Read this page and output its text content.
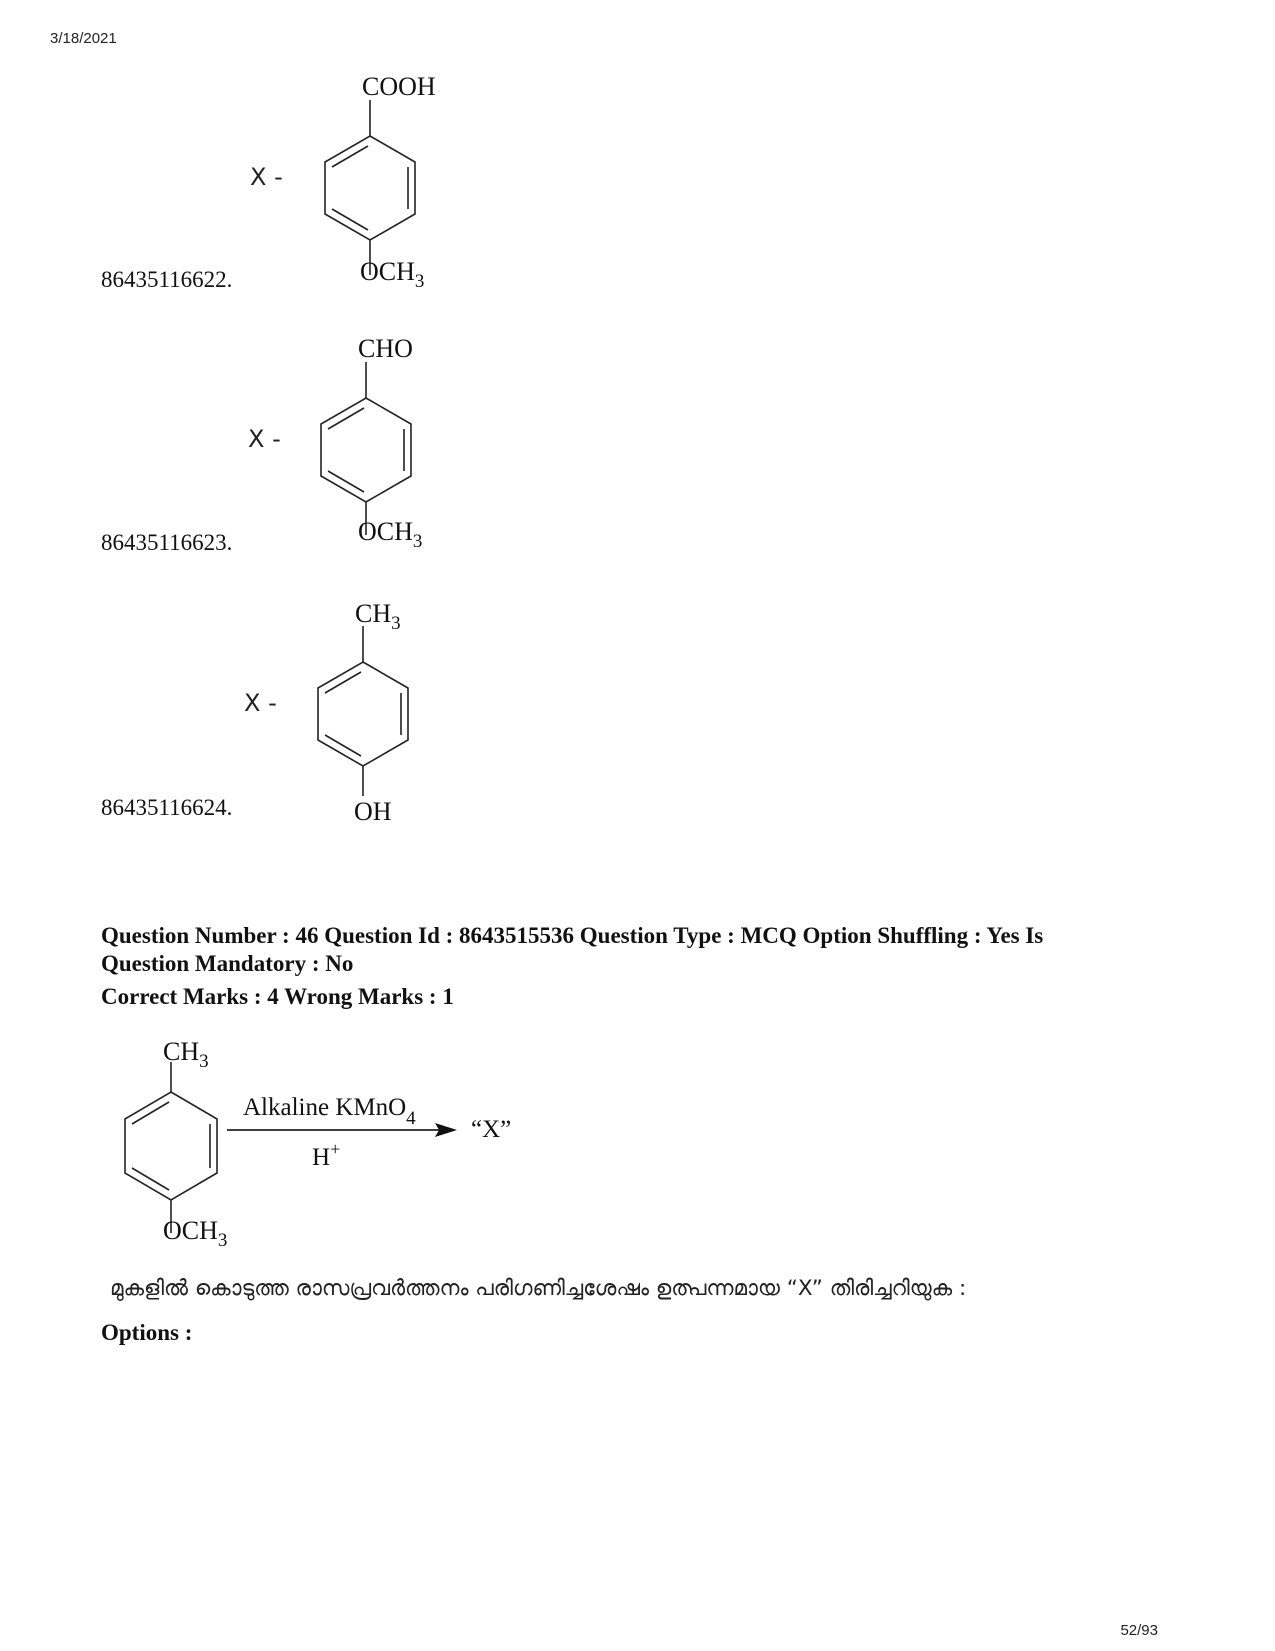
3/18/2021
COOH
$OCH_3$
X -
86435116622.
CHO
$OCH_3$
X -
86435116623.
$CH_3$
OH
X -
86435116624.
Question Number : 46 Question Id : 8643515536 Question Type : MCQ Option Shuffling : Yes Is
Question Mandatory : No
Correct Marks : 4 Wrong Marks : 1
$CH_3$
$OCH_3$
Alkaline KMnO$_4$
H+
“X”
മുകളിൽ കൊടുത്ത രാസപ്രവർത്തനം പരിഗണിച്ചശേഷം ഉത്പന്നമായ “X” തിരിച്ചറിയുക :
Options :
52/93
